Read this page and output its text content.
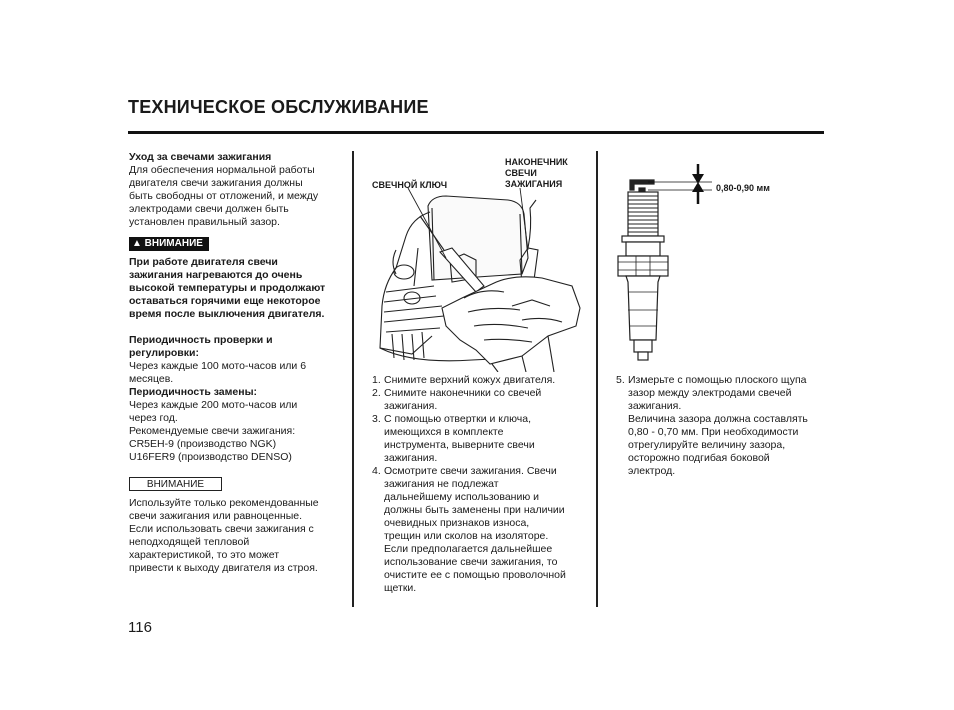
ТЕХНИЧЕСКОЕ ОБСЛУЖИВАНИЕ
Уход за свечами зажигания
Для обеспечения нормальной работы
двигателя свечи зажигания должны
быть свободны от отложений, и между
электродами свечи должен быть
установлен правильный зазор.
▲ ВНИМАНИЕ
При работе двигателя свечи
зажигания нагреваются до очень
высокой температуры и продолжают
оставаться горячими еще некоторое
время после выключения двигателя.
Периодичность проверки и
регулировки:
Через каждые 100 мото-часов или 6
месяцев.
Периодичность замены:
Через каждые 200 мото-часов или
через год.
Рекомендуемые свечи зажигания:
CR5EH-9 (производство NGK)
U16FER9 (производство DENSO)
ВНИМАНИЕ
Используйте только рекомендованные
свечи зажигания или равноценные.
Если использовать свечи зажигания с
неподходящей тепловой
характеристикой, то это может
привести к выходу двигателя из строя.
СВЕЧНОЙ КЛЮЧ
НАКОНЕЧНИК
СВЕЧИ
ЗАЖИГАНИЯ
1. Снимите верхний кожух двигателя.
2. Снимите наконечники со свечей
зажигания.
3. С помощью отвертки и ключа,
имеющихся в комплекте
инструмента, выверните свечи
зажигания.
4. Осмотрите свечи зажигания. Свечи
зажигания не подлежат
дальнейшему использованию и
должны быть заменены при наличии
очевидных признаков износа,
трещин или сколов на изоляторе.
Если предполагается дальнейшее
использование свечи зажигания, то
очистите ее с помощью проволочной
щетки.
0,80-0,90 мм
5. Измерьте с помощью плоского щупа
зазор между электродами свечей
зажигания.
Величина зазора должна составлять
0,80 - 0,70 мм. При необходимости
отрегулируйте величину зазора,
осторожно подгибая боковой
электрод.
116
